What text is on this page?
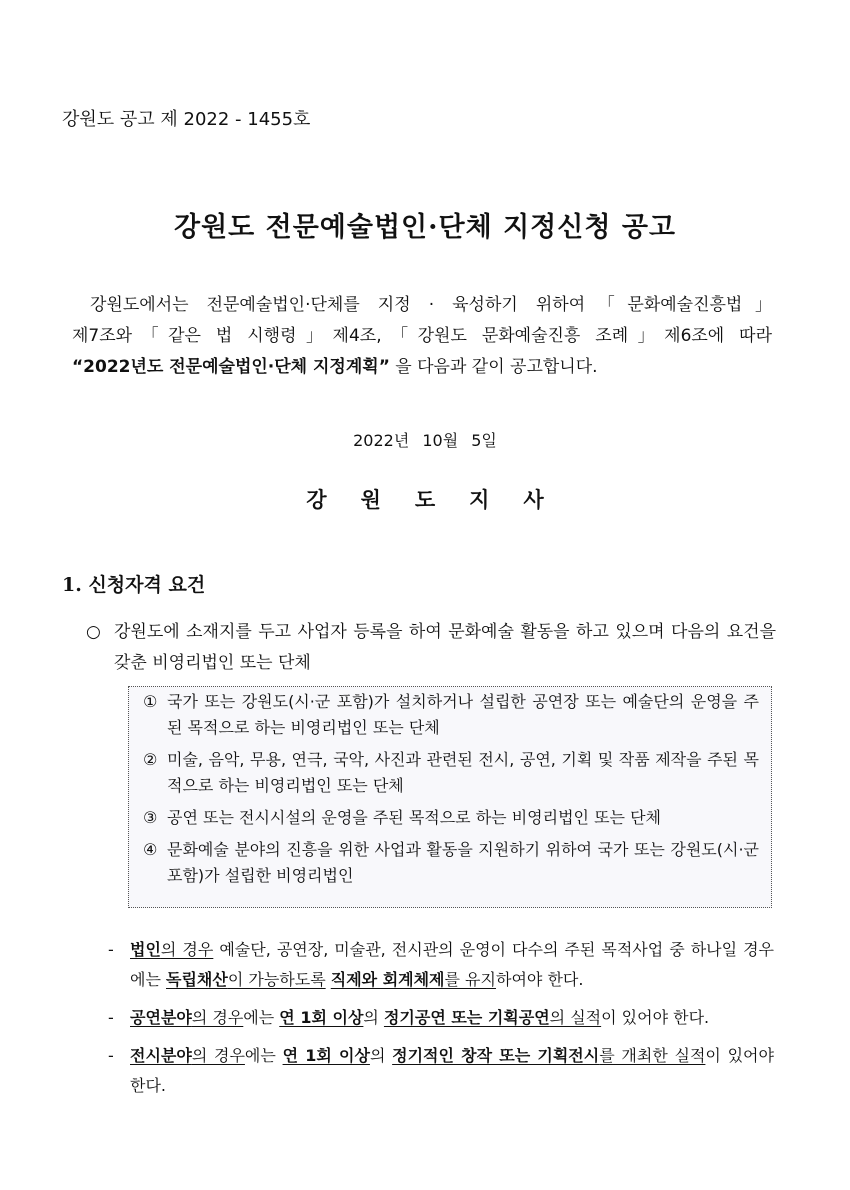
강원도 공고 제 2022 - 1455호
강원도 전문예술법인·단체 지정신청 공고

강원도에서는 전문예술법인·단체를 지정 · 육성하기 위하여「문화예술진흥법」

제7조와「같은 법 시행령」제4조,「강원도 문화예술진흥 조례」제6조에 따라

“2022년도 전문예술법인·단체 지정계획” 을 다음과 같이 공고합니다.

2022년 10월 5일
강원도지사
1. 신청자격 요건
○ 강원도에 소재지를 두고 사업자 등록을 하여 문화예술 활동을 하고 있으며 다음의 요건을 갖춘 비영리법인 또는 단체
① 국가 또는 강원도(시·군 포함)가 설치하거나 설립한 공연장 또는 예술단의 운영을 주된 목적으로 하는 비영리법인 또는 단체
② 미술, 음악, 무용, 연극, 국악, 사진과 관련된 전시, 공연, 기획 및 작품 제작을 주된 목적으로 하는 비영리법인 또는 단체
③ 공연 또는 전시시설의 운영을 주된 목적으로 하는 비영리법인 또는 단체
④ 문화예술 분야의 진흥을 위한 사업과 활동을 지원하기 위하여 국가 또는 강원도(시·군 포함)가 설립한 비영리법인
-	법인의 경우 예술단, 공연장, 미술관, 전시관의 운영이 다수의 주된 목적사업 중 하나일 경우에는 독립채산이 가능하도록 직제와 회계체제를 유지하여야 한다.
-	공연분야의 경우에는 연 1회 이상의 정기공연 또는 기획공연의 실적이 있어야 한다.
-	전시분야의 경우에는 연 1회 이상의 정기적인 창작 또는 기획전시를 개최한 실적이 있어야 한다.
